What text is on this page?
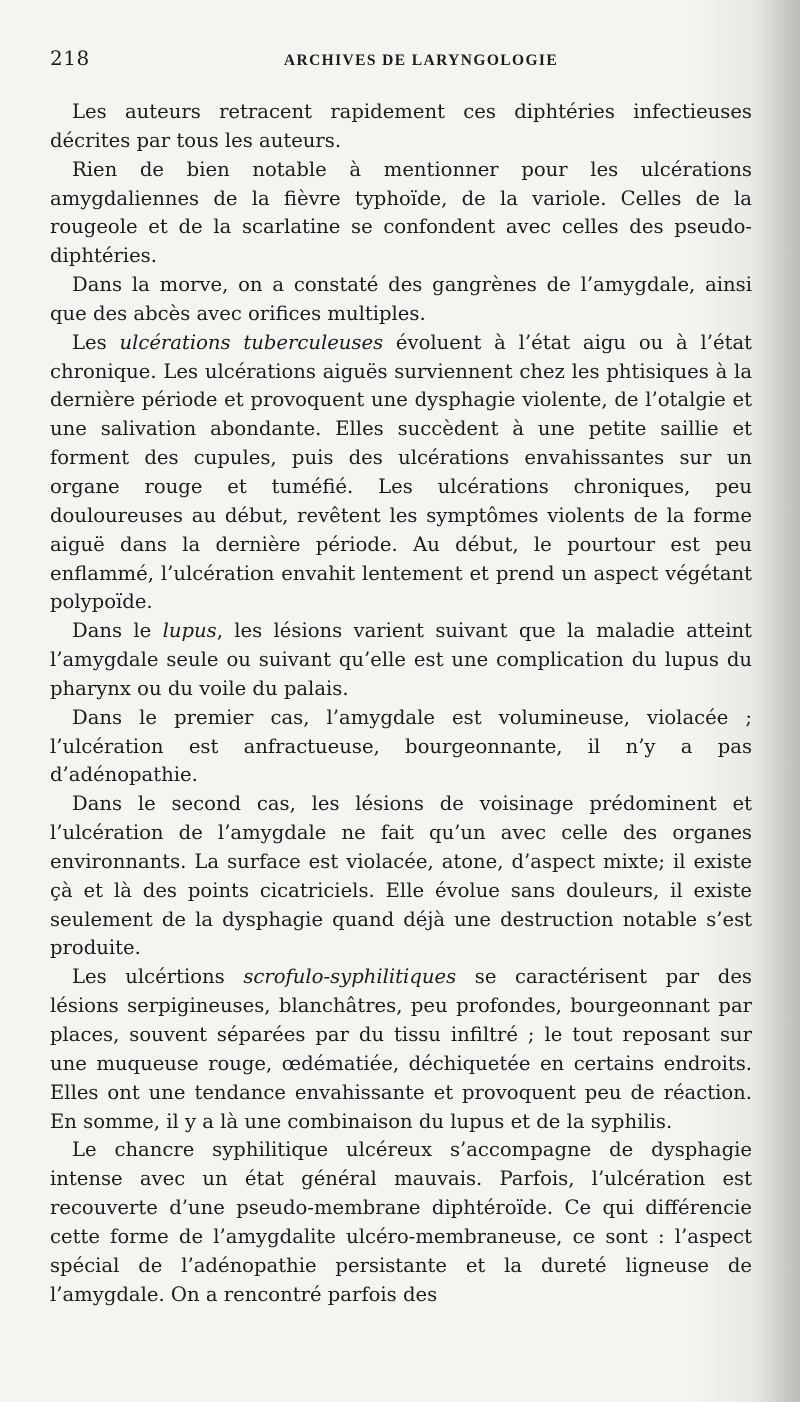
218	ARCHIVES DE LARYNGOLOGIE

Les auteurs retracent rapidement ces diphtéries infectieuses décrites par tous les auteurs.

Rien de bien notable à mentionner pour les ulcérations amygdaliennes de la fièvre typhoïde, de la variole. Celles de la rougeole et de la scarlatine se confondent avec celles des pseudo-diphtéries.

Dans la morve, on a constaté des gangrènes de l’amygdale, ainsi que des abcès avec orifices multiples.

Les ulcérations tuberculeuses évoluent à l’état aigu ou à l’état chronique. Les ulcérations aiguës surviennent chez les phtisiques à la dernière période et provoquent une dysphagie violente, de l’otalgie et une salivation abondante. Elles succèdent à une petite saillie et forment des cupules, puis des ulcérations envahissantes sur un organe rouge et tuméfié. Les ulcérations chroniques, peu douloureuses au début, revêtent les symptômes violents de la forme aiguë dans la dernière période. Au début, le pourtour est peu enflammé, l’ulcération envahit lentement et prend un aspect végétant polypoïde.

Dans le lupus, les lésions varient suivant que la maladie atteint l’amygdale seule ou suivant qu’elle est une complication du lupus du pharynx ou du voile du palais.

Dans le premier cas, l’amygdale est volumineuse, violacée ; l’ulcération est anfractueuse, bourgeonnante, il n’y a pas d’adénopathie.

Dans le second cas, les lésions de voisinage prédominent et l’ulcération de l’amygdale ne fait qu’un avec celle des organes environnants. La surface est violacée, atone, d’aspect mixte; il existe çà et là des points cicatriciels. Elle évolue sans douleurs, il existe seulement de la dysphagie quand déjà une destruction notable s’est produite.

Les ulcértions scrofulo-syphilitiques se caractérisent par des lésions serpigineuses, blanchâtres, peu profondes, bourgeonnant par places, souvent séparées par du tissu infiltré ; le tout reposant sur une muqueuse rouge, œdématiée, déchiquetée en certains endroits. Elles ont une tendance envahissante et provoquent peu de réaction. En somme, il y a là une combinaison du lupus et de la syphilis.

Le chancre syphilitique ulcéreux s’accompagne de dysphagie intense avec un état général mauvais. Parfois, l’ulcération est recouverte d’une pseudo-membrane diphtéroïde. Ce qui différencie cette forme de l’amygdalite ulcéro-membraneuse, ce sont : l’aspect spécial de l’adénopathie persistante et la dureté ligneuse de l’amygdale. On a rencontré parfois des
